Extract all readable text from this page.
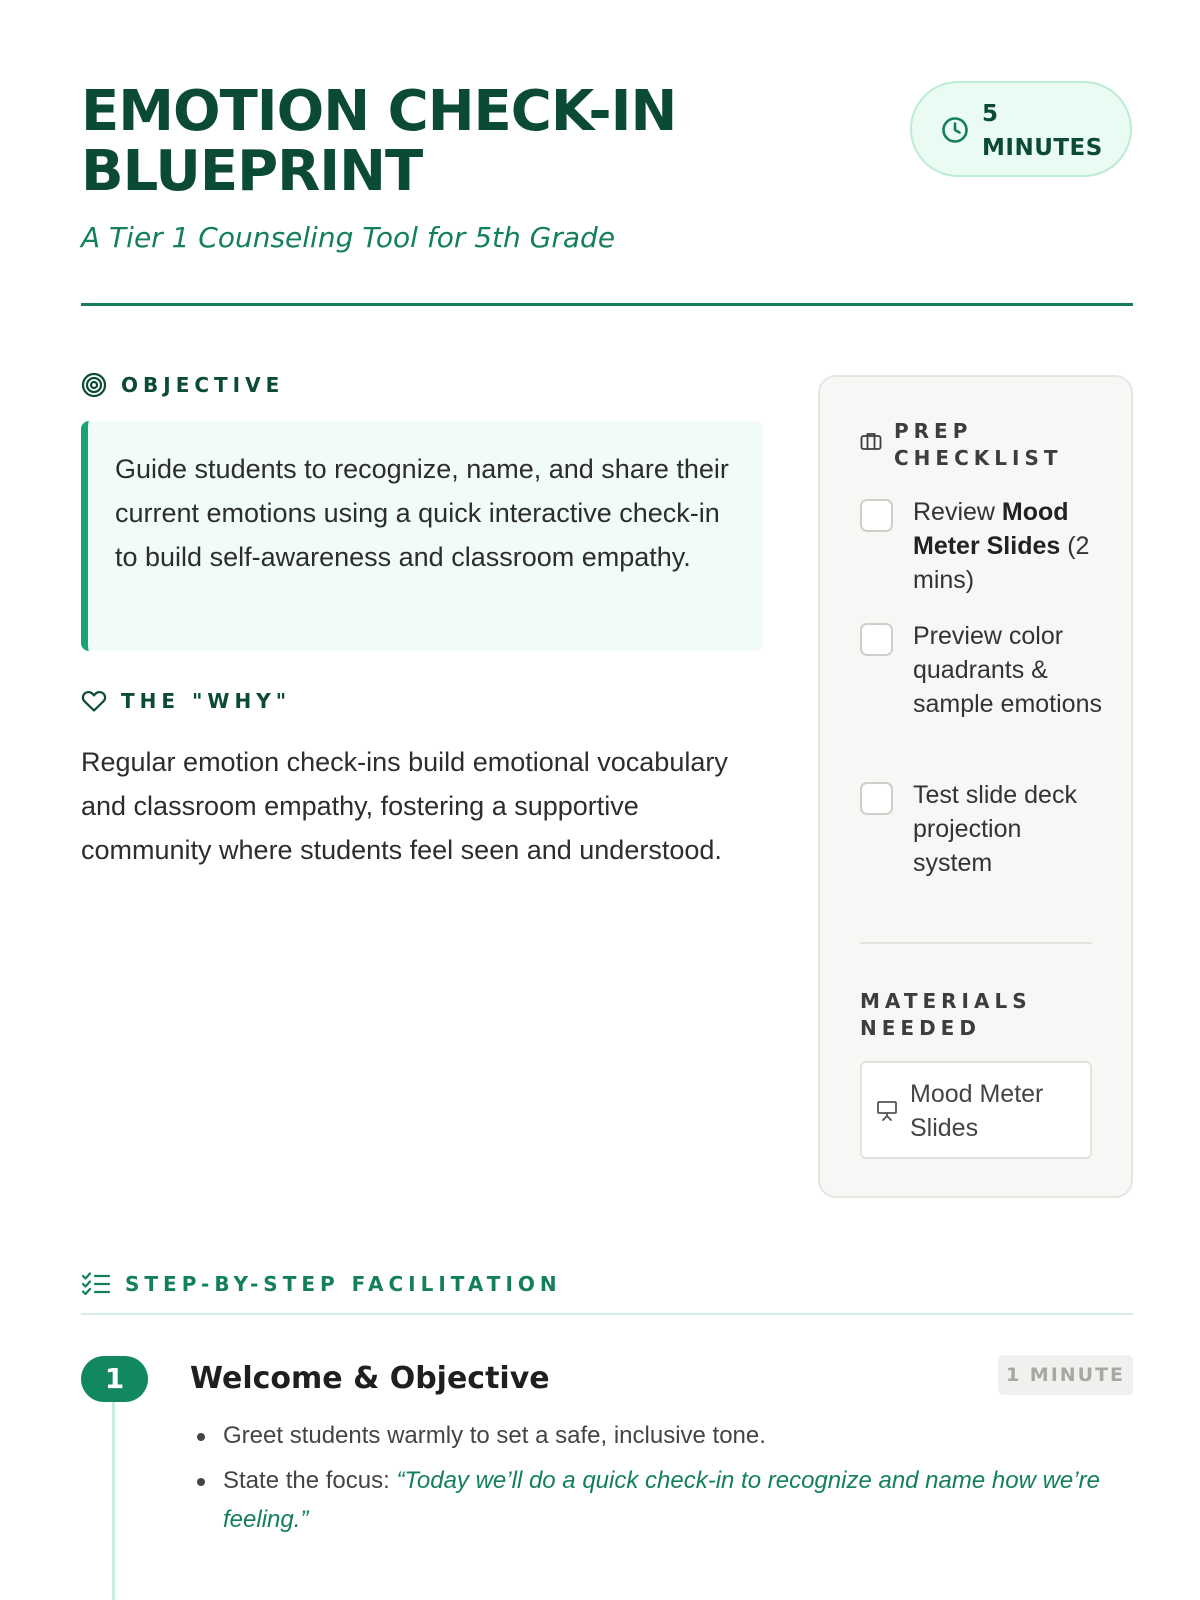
EMOTION CHECK-IN
BLUEPRINT
A Tier 1 Counseling Tool for 5th Grade
5
MINUTES
OBJECTIVE
Guide students to recognize, name, and share their current emotions using a quick interactive check-in to build self-awareness and classroom empathy.
THE "WHY"
Regular emotion check-ins build emotional vocabulary and classroom empathy, fostering a supportive community where students feel seen and understood.
PREP CHECKLIST
Review Mood Meter Slides (2 mins)
Preview color quadrants & sample emotions
Test slide deck projection system
MATERIALS NEEDED
Mood Meter Slides
STEP-BY-STEP FACILITATION
1	Welcome & Objective	1 MINUTE
Greet students warmly to set a safe, inclusive tone.
State the focus: “Today we’ll do a quick check-in to recognize and name how we’re feeling.”
